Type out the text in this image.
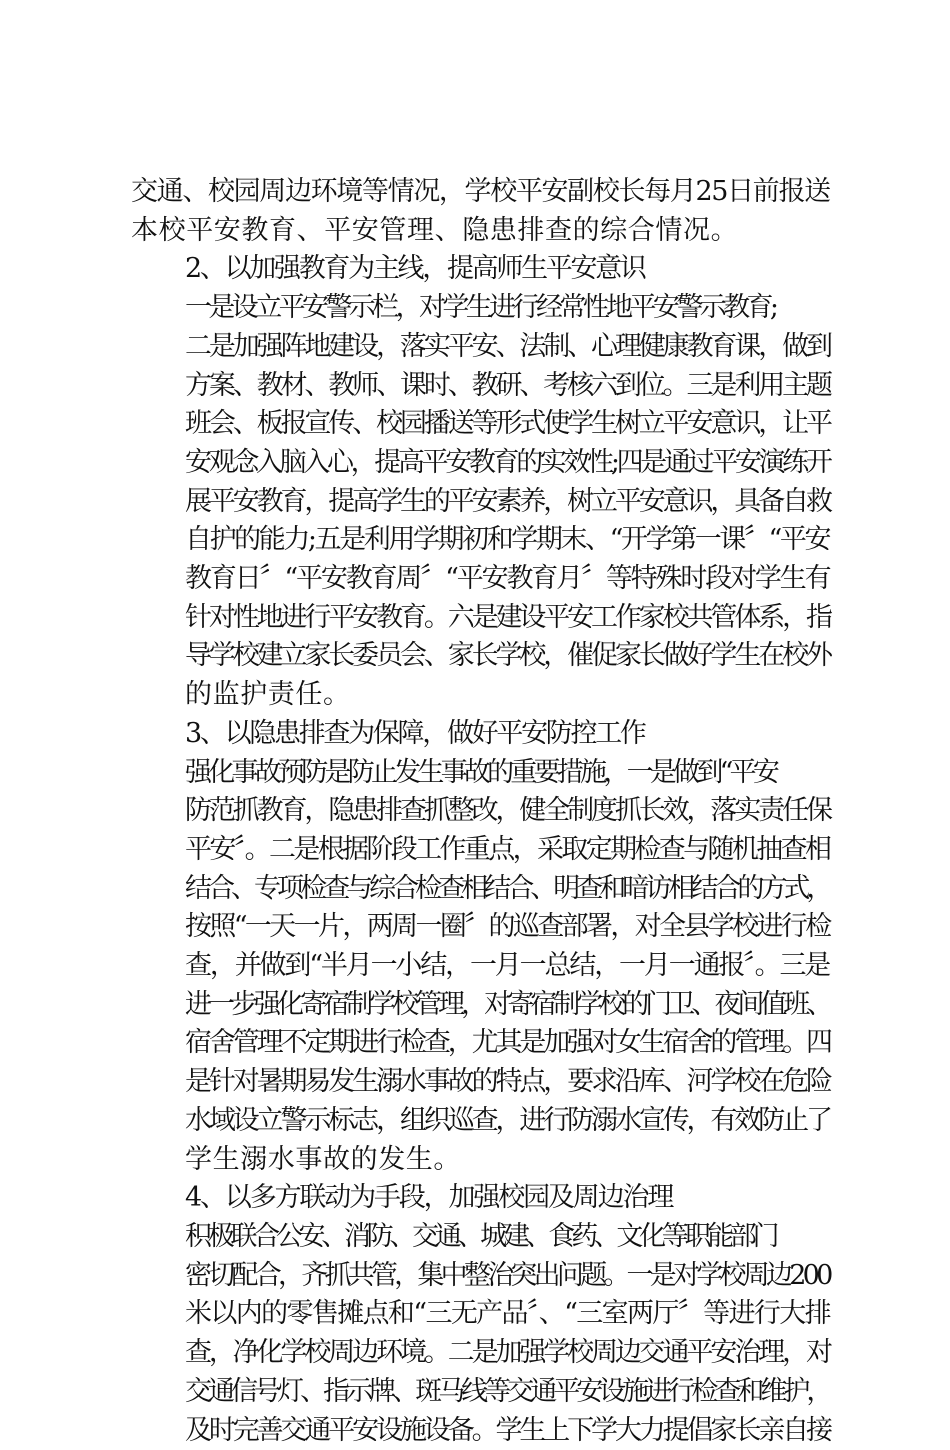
交通、校园周边环境等情况，学校平安副校长每月25日前报送
本校平安教育、平安管理、隐患排查的综合情况。

2、以加强教育为主线，提高师生平安意识

一是设立平安警示栏，对学生进行经常性地平安警示教育;
二是加强阵地建设，落实平安、法制、心理健康教育课，做到
方案、教材、教师、课时、教研、考核六到位。三是利用主题
班会、板报宣传、校园播送等形式使学生树立平安意识，让平
安观念入脑入心，提高平安教育的实效性;四是通过平安演练开
展平安教育，提高学生的平安素养，树立平安意识，具备自救
自护的能力;五是利用学期初和学期末、“开学第一课〞“平安
教育日〞“平安教育周〞“平安教育月〞等特殊时段对学生有
针对性地进行平安教育。六是建设平安工作家校共管体系，指
导学校建立家长委员会、家长学校，催促家长做好学生在校外
的监护责任。

3、以隐患排查为保障，做好平安防控工作

强化事故预防是防止发生事故的重要措施，一是做到“平安
防范抓教育，隐患排查抓整改，健全制度抓长效，落实责任保
平安〞。二是根据阶段工作重点，采取定期检查与随机抽查相
结合、专项检查与综合检查相结合、明查和暗访相结合的方式，
按照“一天一片，两周一圈〞的巡查部署，对全县学校进行检
查，并做到“半月一小结，一月一总结，一月一通报〞。三是
进一步强化寄宿制学校管理，对寄宿制学校的门卫、夜间值班、
宿舍管理不定期进行检查，尤其是加强对女生宿舍的管理。四
是针对暑期易发生溺水事故的特点，要求沿库、河学校在危险
水域设立警示标志，组织巡查，进行防溺水宣传，有效防止了
学生溺水事故的发生。

4、以多方联动为手段，加强校园及周边治理

积极联合公安、消防、交通、城建、食药、文化等职能部门
密切配合，齐抓共管，集中整治突出问题。一是对学校周边200
米以内的零售摊点和“三无产品〞、“三室两厅〞等进行大排
查，净化学校周边环境。二是加强学校周边交通平安治理，对
交通信号灯、指示牌、斑马线等交通平安设施进行检查和维护，
及时完善交通平安设施设备。学生上下学大力提倡家长亲自接
